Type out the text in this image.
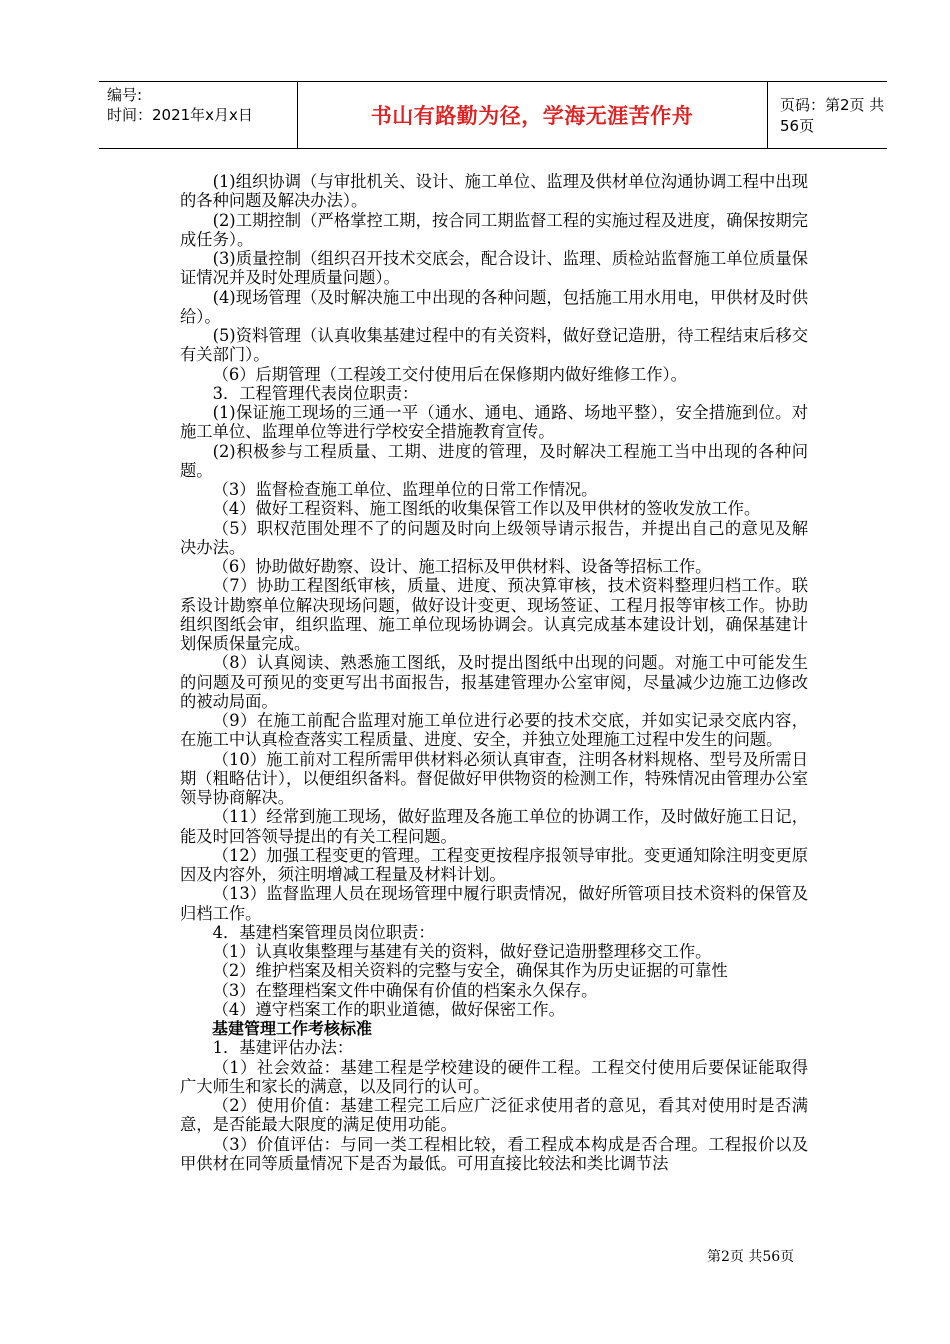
编号:
时间：2021年x月x日	书山有路勤为径，学海无涯苦作舟	页码：第2页 共56页

(1)组织协调（与审批机关、设计、施工单位、监理及供材单位沟通协调工程中出现的各种问题及解决办法）。

(2)工期控制（严格掌控工期，按合同工期监督工程的实施过程及进度，确保按期完成任务）。

(3)质量控制（组织召开技术交底会，配合设计、监理、质检站监督施工单位质量保证情况并及时处理质量问题）。

(4)现场管理（及时解决施工中出现的各种问题，包括施工用水用电，甲供材及时供给）。

(5)资料管理（认真收集基建过程中的有关资料，做好登记造册，待工程结束后移交有关部门）。

（6）后期管理（工程竣工交付使用后在保修期内做好维修工作）。

3．工程管理代表岗位职责：

(1)保证施工现场的三通一平（通水、通电、通路、场地平整），安全措施到位。对施工单位、监理单位等进行学校安全措施教育宣传。

(2)积极参与工程质量、工期、进度的管理，及时解决工程施工当中出现的各种问题。

（3）监督检查施工单位、监理单位的日常工作情况。

（4）做好工程资料、施工图纸的收集保管工作以及甲供材的签收发放工作。

（5）职权范围处理不了的问题及时向上级领导请示报告，并提出自己的意见及解决办法。

（6）协助做好勘察、设计、施工招标及甲供材料、设备等招标工作。

（7）协助工程图纸审核，质量、进度、预决算审核，技术资料整理归档工作。联系设计勘察单位解决现场问题，做好设计变更、现场签证、工程月报等审核工作。协助组织图纸会审，组织监理、施工单位现场协调会。认真完成基本建设计划，确保基建计划保质保量完成。

（8）认真阅读、熟悉施工图纸，及时提出图纸中出现的问题。对施工中可能发生的问题及可预见的变更写出书面报告，报基建管理办公室审阅，尽量减少边施工边修改的被动局面。

（9）在施工前配合监理对施工单位进行必要的技术交底，并如实记录交底内容，在施工中认真检查落实工程质量、进度、安全，并独立处理施工过程中发生的问题。

（10）施工前对工程所需甲供材料必须认真审查，注明各材料规格、型号及所需日期（粗略估计），以便组织备料。督促做好甲供物资的检测工作，特殊情况由管理办公室领导协商解决。

（11）经常到施工现场，做好监理及各施工单位的协调工作，及时做好施工日记，能及时回答领导提出的有关工程问题。

（12）加强工程变更的管理。工程变更按程序报领导审批。变更通知除注明变更原因及内容外，须注明增减工程量及材料计划。

（13）监督监理人员在现场管理中履行职责情况，做好所管项目技术资料的保管及归档工作。

4．基建档案管理员岗位职责：

（1）认真收集整理与基建有关的资料，做好登记造册整理移交工作。

（2）维护档案及相关资料的完整与安全，确保其作为历史证据的可靠性

（3）在整理档案文件中确保有价值的档案永久保存。

（4）遵守档案工作的职业道德，做好保密工作。

基建管理工作考核标准

1．基建评估办法：

（1）社会效益：基建工程是学校建设的硬件工程。工程交付使用后要保证能取得广大师生和家长的满意，以及同行的认可。

（2）使用价值：基建工程完工后应广泛征求使用者的意见，看其对使用时是否满意，是否能最大限度的满足使用功能。

（3）价值评估：与同一类工程相比较，看工程成本构成是否合理。工程报价以及甲供材在同等质量情况下是否为最低。可用直接比较法和类比调节法

第2页 共56页
